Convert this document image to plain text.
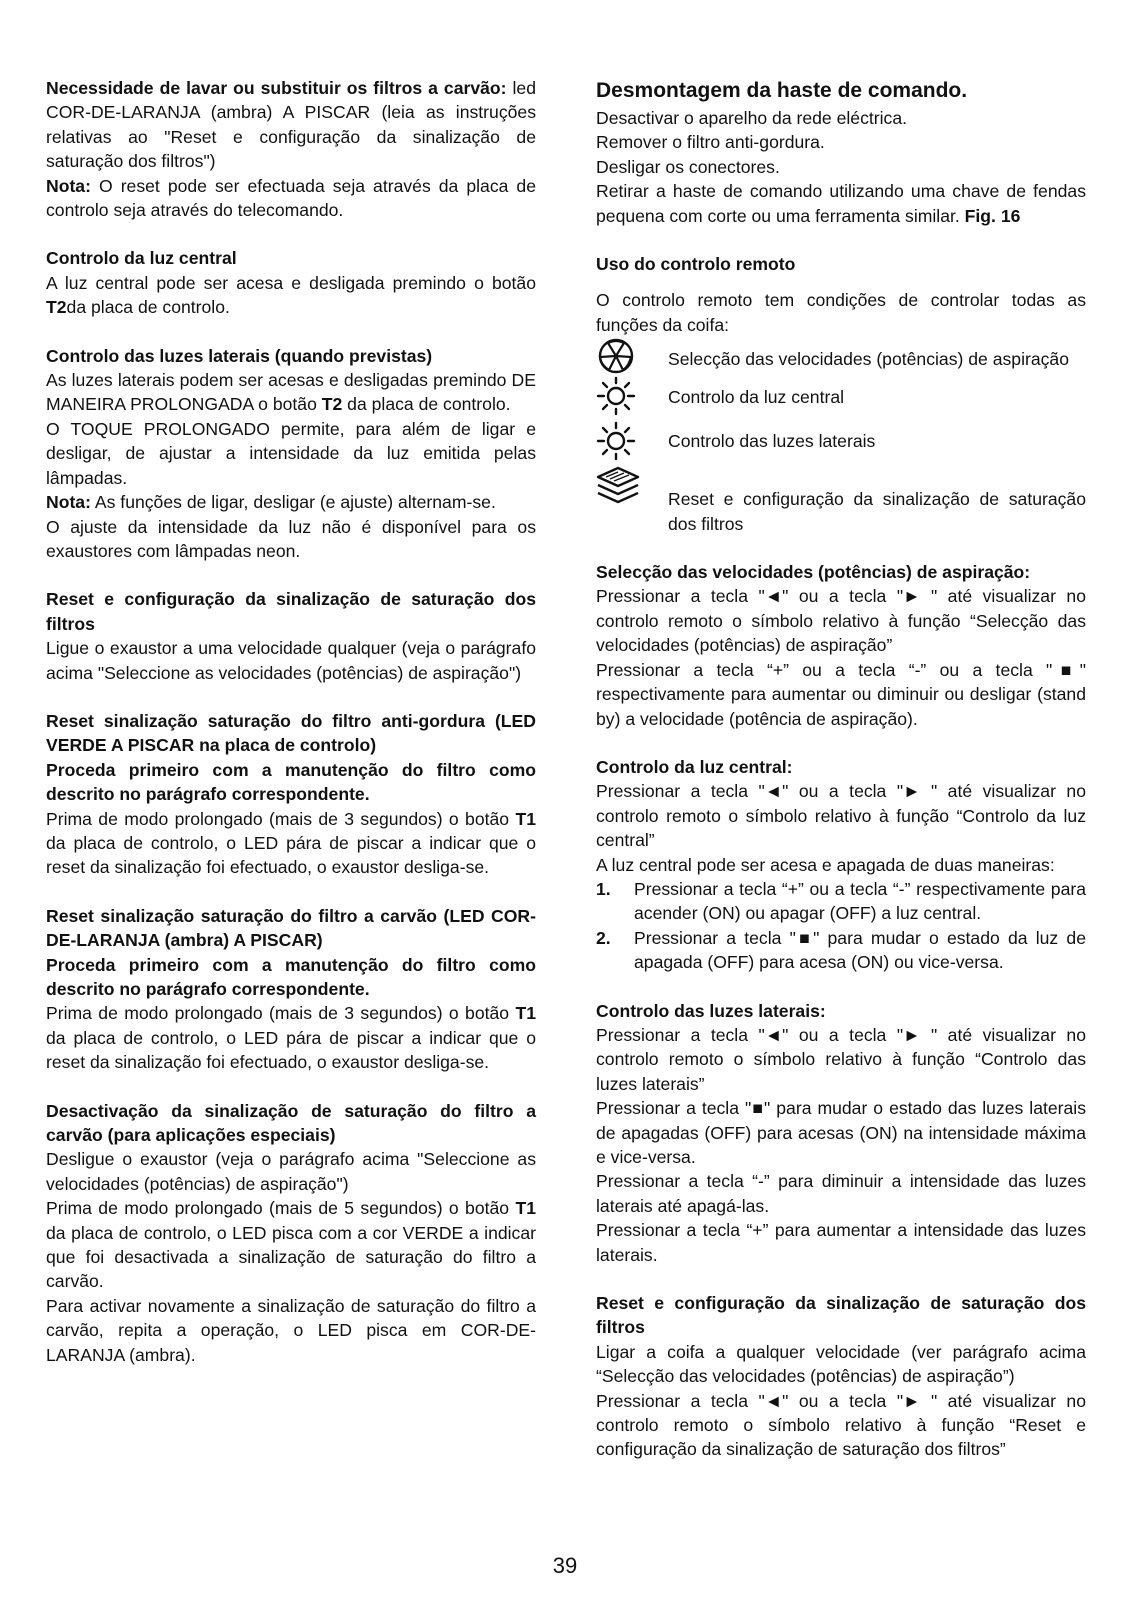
Necessidade de lavar ou substituir os filtros a carvão: led COR-DE-LARANJA (ambra) A PISCAR (leia as instruções relativas ao "Reset e configuração da sinalização de saturação dos filtros")

Nota: O reset pode ser efectuada seja através da placa de controlo seja através do telecomando.

Controlo da luz central

A luz central pode ser acesa e desligada premindo o botão T2da placa de controlo.

Controlo das luzes laterais (quando previstas)

As luzes laterais podem ser acesas e desligadas premindo DE MANEIRA PROLONGADA o botão T2 da placa de controlo.

O TOQUE PROLONGADO permite, para além de ligar e desligar, de ajustar a intensidade da luz emitida pelas lâmpadas.

Nota: As funções de ligar, desligar (e ajuste) alternam-se.

O ajuste da intensidade da luz não é disponível para os exaustores com lâmpadas neon.

Reset e configuração da sinalização de saturação dos filtros

Ligue o exaustor a uma velocidade qualquer (veja o parágrafo acima "Seleccione as velocidades (potências) de aspiração")

Reset sinalização saturação do filtro anti-gordura (LED VERDE A PISCAR na placa de controlo)

Proceda primeiro com a manutenção do filtro como descrito no parágrafo correspondente.

Prima de modo prolongado (mais de 3 segundos) o botão T1 da placa de controlo, o LED pára de piscar a indicar que o reset da sinalização foi efectuado, o exaustor desliga-se.

Reset sinalização saturação do filtro a carvão (LED COR-DE-LARANJA (ambra) A PISCAR)

Proceda primeiro com a manutenção do filtro como descrito no parágrafo correspondente.

Prima de modo prolongado (mais de 3 segundos) o botão T1 da placa de controlo, o LED pára de piscar a indicar que o reset da sinalização foi efectuado, o exaustor desliga-se.

Desactivação da sinalização de saturação do filtro a carvão (para aplicações especiais)

Desligue o exaustor (veja o parágrafo acima "Seleccione as velocidades (potências) de aspiração")

Prima de modo prolongado (mais de 5 segundos) o botão T1 da placa de controlo, o LED pisca com a cor VERDE a indicar que foi desactivada a sinalização de saturação do filtro a carvão.

Para activar novamente a sinalização de saturação do filtro a carvão, repita a operação, o LED pisca em COR-DE-LARANJA (ambra).

Desmontagem da haste de comando.

Desactivar o aparelho da rede eléctrica.

Remover o filtro anti-gordura.

Desligar os conectores.

Retirar a haste de comando utilizando uma chave de fendas pequena com corte ou uma ferramenta similar. Fig. 16

Uso do controlo remoto

O controlo remoto tem condições de controlar todas as funções da coifa:

Selecção das velocidades (potências) de aspiração
Controlo da luz central
Controlo das luzes laterais
Reset e configuração da sinalização de saturação dos filtros

Selecção das velocidades (potências) de aspiração:

Pressionar a tecla "◄" ou a tecla "► " até visualizar no controlo remoto o símbolo relativo à função “Selecção das velocidades (potências) de aspiração”

Pressionar a tecla “+” ou a tecla “-” ou a tecla "■" respectivamente para aumentar ou diminuir ou desligar (stand by) a velocidade (potência de aspiração).

Controlo da luz central:

Pressionar a tecla "◄" ou a tecla "► " até visualizar no controlo remoto o símbolo relativo à função “Controlo da luz central”

A luz central pode ser acesa e apagada de duas maneiras:

1.	Pressionar a tecla “+” ou a tecla “-” respectivamente para acender (ON) ou apagar (OFF) a luz central.
2.	Pressionar a tecla "■" para mudar o estado da luz de apagada (OFF) para acesa (ON) ou vice-versa.

Controlo das luzes laterais:

Pressionar a tecla "◄" ou a tecla "► " até visualizar no controlo remoto o símbolo relativo à função “Controlo das luzes laterais”

Pressionar a tecla "■" para mudar o estado das luzes laterais de apagadas (OFF) para acesas (ON) na intensidade máxima e vice-versa.

Pressionar a tecla “-” para diminuir a intensidade das luzes laterais até apagá-las.

Pressionar a tecla “+” para aumentar a intensidade das luzes laterais.

Reset e configuração da sinalização de saturação dos filtros

Ligar a coifa a qualquer velocidade (ver parágrafo acima “Selecção das velocidades (potências) de aspiração”)

Pressionar a tecla "◄" ou a tecla "► " até visualizar no controlo remoto o símbolo relativo à função “Reset e configuração da sinalização de saturação dos filtros”

39
